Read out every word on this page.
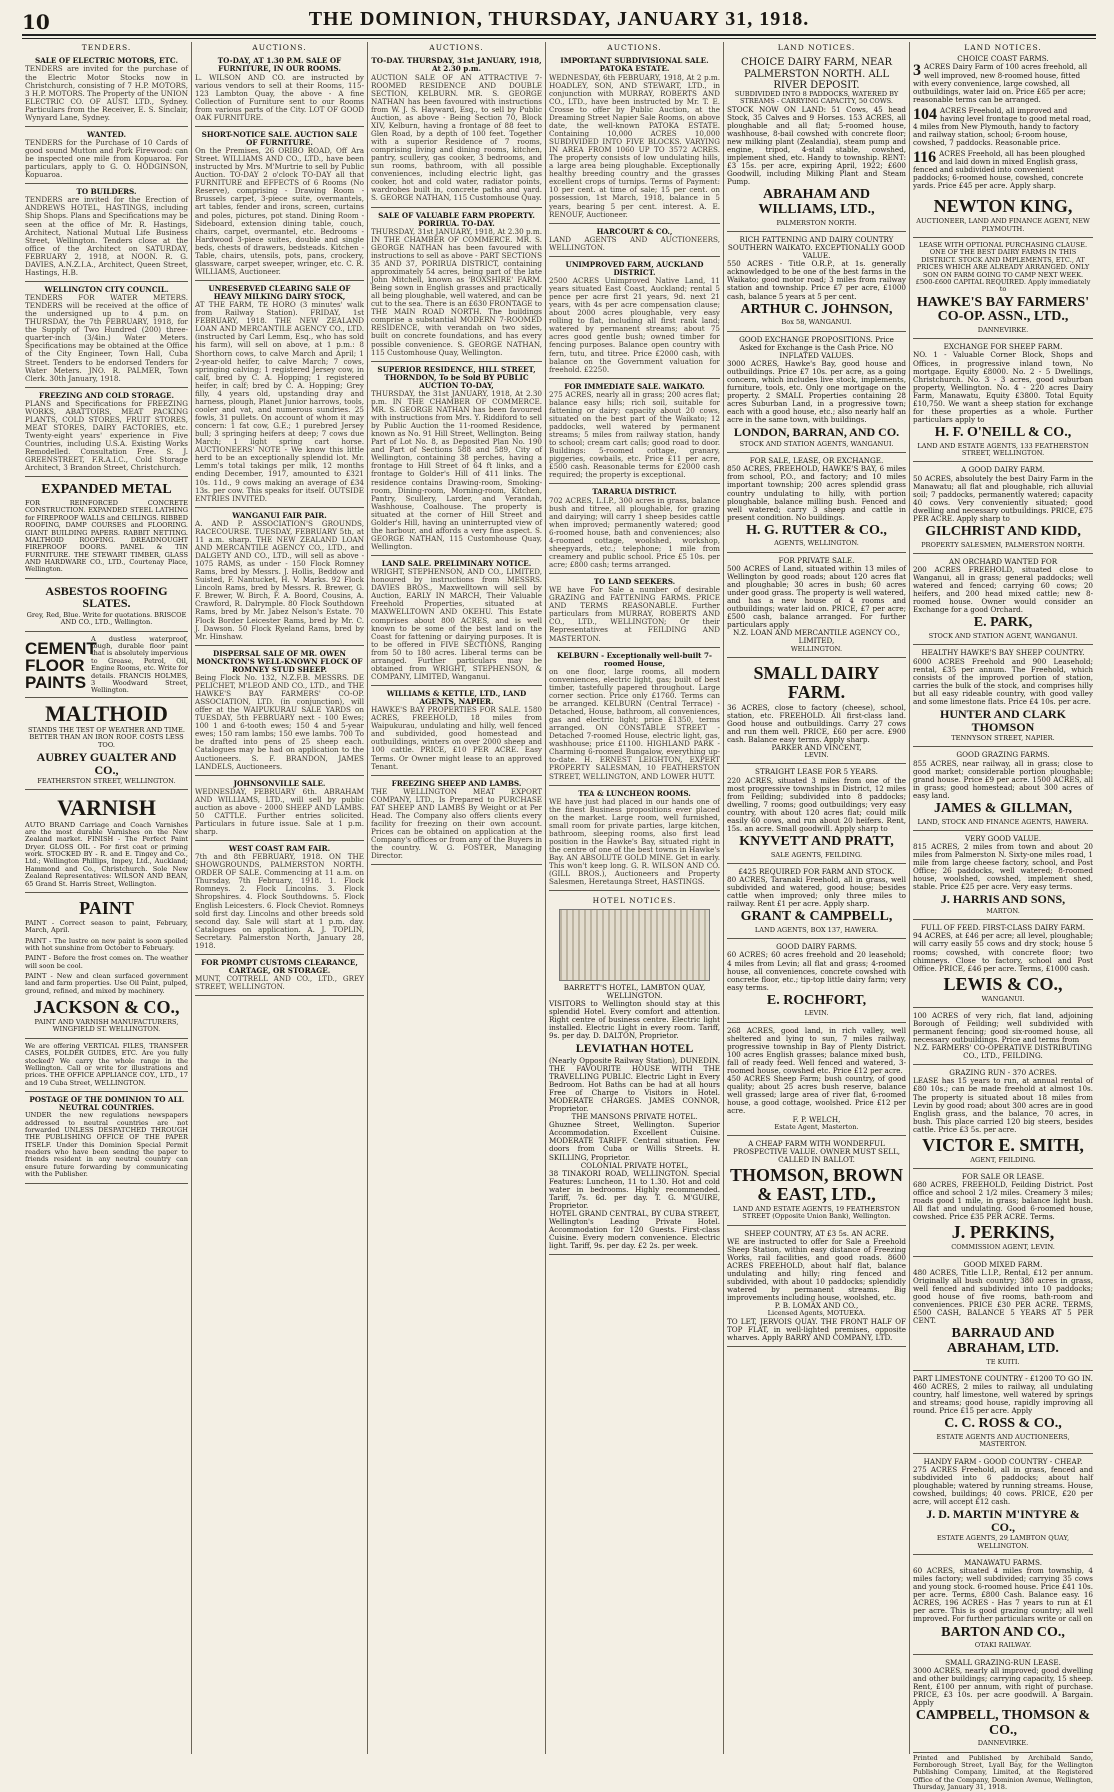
10	THE DOMINION, THURSDAY, JANUARY 31, 1918.
TENDERS.
SALE OF ELECTRIC MOTORS, ETC.
TENDERS are invited for the purchase of the Electric Motor Stocks now in Christchurch, consisting of 7 H.P. MOTORS, 3 H.P. MOTORS. The Property of the UNION ELECTRIC CO. OF AUST. LTD., Sydney. Particulars from the Receiver, E. S. Sinclair, Wynyard Lane, Sydney.
WANTED.
TENDERS for the Purchase of 10 Cards of good sound Mutton and Pork Firewood: can be inspected one mile from Kopuaroa. For particulars, apply to G. O. HODGINSON, Kopuaroa.
TO BUILDERS.
TENDERS are invited for the Erection of ANDREWS HOTEL, HASTINGS, including Ship Shops. Plans and Specifications may be seen at the office of Mr. R. Hastings, Architect, National Mutual Life Business Street, Wellington. Tenders close at the office of the Architect on SATURDAY, FEBRUARY 2, 1918, at NOON. R. G. DAVIES, A.N.Z.I.A., Architect, Queen Street, Hastings, H.B.
WELLINGTON CITY COUNCIL.
TENDERS FOR WATER METERS. TENDERS will be received at the office of the undersigned up to 4 p.m. on THURSDAY, the 7th FEBRUARY, 1918, for the Supply of Two Hundred (200) three-quarter-inch (3/4in.) Water Meters. Specifications may be obtained at the Office of the City Engineer, Town Hall, Cuba Street. Tenders to be endorsed Tenders for Water Meters. JNO. R. PALMER, Town Clerk. 30th January, 1918.
FREEZING AND COLD STORAGE.
PLANS and Specifications for FREEZING WORKS, ABATTOIRS, MEAT PACKING PLANTS, COLD STORES, FRUIT STORES, MEAT STORES, DAIRY FACTORIES, etc. Twenty-eight years' experience in Five Countries, including U.S.A. Existing Works Remodelled. Consultation Free. S. J. GREENSTREET, F.R.A.I.C., Cold Storage Architect, 3 Brandon Street, Christchurch.
EXPANDED METAL
FOR REINFORCED CONCRETE CONSTRUCTION. EXPANDED STEEL LATHING for FIREPROOF WALLS and CEILINGS. RIBBED ROOFING, DAMP COURSES and FLOORING. GIANT BUILDING PAPERS. RABBIT NETTING. MALTHOID ROOFING. DREADNOUGHT FIREPROOF DOORS. PANEL & TIN FURNITURE. THE STEWART TIMBER, GLASS AND HARDWARE CO., LTD., Courtenay Place, Wellington.
ASBESTOS ROOFING SLATES.
Grey, Red, Blue. Write for quotations. BRISCOE AND CO., LTD., Wellington.
CEMENT FLOOR PAINTS
A dustless waterproof, tough, durable floor paint that is absolutely impervious to Grease, Petrol, Oil, Engine Rooms, etc. Write for details. FRANCIS HOLMES, 3 Woodward Street, Wellington.
MALTHOID
STANDS THE TEST OF WEATHER AND TIME. BETTER THAN AN IRON ROOF. COSTS LESS TOO.
AUBREY GUALTER AND CO.,
FEATHERSTON STREET, WELLINGTON.
VARNISH
AUTO BRAND Carriage and Coach Varnishes are the most durable Varnishes on the New Zealand market. FINISH - The Perfect Paint Dryer. GLOSS OIL - For first coat or priming work. STOCKED BY - R. and E. Tingey and Co., Ltd.; Wellington Phillips, Impey, Ltd., Auckland; Hammond and Co., Christchurch. Sole New Zealand Representatives: WILSON AND BEAN, 65 Grand St. Harris Street, Wellington.
PAINT
PAINT - Correct season to paint, February, March, April.
PAINT - The lustre on new paint is soon spoiled with hot sunshine from October to February.
PAINT - Before the frost comes on. The weather will soon be cool.
PAINT - New and clean surfaced government land and farm properties. Use Oil Paint, pulped, ground, refined, and mixed by machinery.
JACKSON & CO.,
PAINT AND VARNISH MANUFACTURERS, WINGFIELD ST. WELLINGTON.
We are offering VERTICAL FILES, TRANSFER CASES, FOLDER GUIDES, ETC. Are you fully stocked? We carry the whole range in the Wellington. Call or write for illustrations and prices. THE OFFICE APPLIANCE COY., LTD., 17 and 19 Cuba Street, WELLINGTON.
POSTAGE OF THE DOMINION TO ALL NEUTRAL COUNTRIES.
UNDER the new regulations newspapers addressed to neutral countries are not forwarded UNLESS DESPATCHED THROUGH THE PUBLISHING OFFICE OF THE PAPER ITSELF. Under this Dominion Special Permit readers who have been sending the paper to friends resident in any neutral country can ensure future forwarding by communicating with the Publisher.
AUCTIONS.
TO-DAY, AT 1.30 P.M. SALE OF FURNITURE, IN OUR ROOMS.
L. WILSON AND CO. are instructed by various vendors to sell at their Rooms, 115-123 Lambton Quay, the above - A fine Collection of Furniture sent to our Rooms from various parts of the City. LOT OF GOOD OAK FURNITURE.
SHORT-NOTICE SALE. AUCTION SALE OF FURNITURE.
On the Premises, 26 ORIBO ROAD, Off Ara Street. WILLIAMS AND CO., LTD., have been instructed by Mrs. M'Murtrie to sell by Public Auction. TO-DAY 2 o'clock TO-DAY all that FURNITURE and EFFECTS of 6 Rooms (No Reserve), comprising - Drawing Room - Brussels carpet, 3-piece suite, overmantels, art tables, fender and irons, screen, curtains and poles, pictures, pot stand. Dining Room - Sideboard, extension dining table, couch, chairs, carpet, overmantel, etc. Bedrooms - Hardwood 3-piece suites, double and single beds, chests of drawers, bedsteads. Kitchen - Table, chairs, utensils, pots, pans, crockery, glassware, carpet sweeper, wringer, etc. C. R. WILLIAMS, Auctioneer.
UNRESERVED CLEARING SALE OF HEAVY MILKING DAIRY STOCK,
AT THE FARM, TE HORO (3 minutes' walk from Railway Station). FRIDAY, 1st FEBRUARY, 1918. THE NEW ZEALAND LOAN AND MERCANTILE AGENCY CO., LTD. (instructed by Carl Lemm, Esq., who has sold his farm), will sell on above, at 1 p.m.: 8 Shorthorn cows, to calve March and April; 1 2-year-old heifer, to calve March; 7 cows, springing calving; 1 registered Jersey cow, in calf, bred by C. A. Hopping; 1 registered heifer, in calf; bred by C. A. Hopping; Grey filly, 4 years old, upstanding dray and harness, plough, Planet Junior harrows, tools, cooler and vat, and numerous sundries. 25 fowls, 31 pullets. On account of whom it may concern: 1 fat cow, G.E.; 1 purebred Jersey bull; 3 springing heifers at deep; 7 cows due March; 1 light spring cart horse. AUCTIONEERS' NOTE - We know this little herd to be an exceptionally splendid lot. Mr. Lemm's total takings per milk, 12 months ending December, 1917, amounted to £321 10s. 11d., 9 cows making an average of £34 13s. per cow. This speaks for itself. OUTSIDE ENTRIES INVITED.
WANGANUI FAIR PAIR.
A. AND P. ASSOCIATION'S GROUNDS, RACECOURSE. TUESDAY, FEBRUARY 5th, at 11 a.m. sharp. THE NEW ZEALAND LOAN AND MERCANTILE AGENCY CO., LTD., and DALGETY AND CO., LTD., will sell as above - 1075 RAMS, as under - 150 Flock Romney Rams, bred by Messrs. J. Hollis, Beddow and Suisted, F. Nantucket, H. V. Marks. 92 Flock Lincoln Rams, bred by Messrs. R. Brewer, G. F. Brewer, W. Birch, F. A. Boord, Cousins, A. Crawford, R. Dalrymple. 80 Flock Southdown Rams, bred by Mr. Jabez Nelson's Estate. 70 Flock Border Leicester Rams, bred by Mr. C. J. Dawson. 50 Flock Ryeland Rams, bred by Mr. Hinshaw.
DISPERSAL SALE OF MR. OWEN MONCKTON'S WELL-KNOWN FLOCK OF ROMNEY STUD SHEEP.
Being Flock No. 132, N.Z.F.B. MESSRS. DE PELICHET, M'LEOD AND CO., LTD., and THE HAWKE'S BAY FARMERS' CO-OP. ASSOCIATION, LTD. (in conjunction), will offer at the WAIPUKURAU SALE YARDS on TUESDAY, 5th FEBRUARY next - 100 Ewes; 100 1 and 6-tooth ewes; 150 4 and 5-year ewes; 150 ram lambs; 150 ewe lambs. 700 To be drafted into pens of 25 sheep each. Catalogues may be had on application to the Auctioneers. S. F. BRANDON, JAMES LANDELS, Auctioneers.
JOHNSONVILLE SALE.
WEDNESDAY, FEBRUARY 6th. ABRAHAM AND WILLIAMS, LTD., will sell by public auction as above - 2000 SHEEP AND LAMBS. 50 CATTLE. Further entries solicited. Particulars in future issue. Sale at 1 p.m. sharp.
WEST COAST RAM FAIR.
7th and 8th FEBRUARY, 1918. ON THE SHOWGROUNDS, PALMERSTON NORTH. ORDER OF SALE. Commencing at 11 a.m. on Thursday, 7th February, 1918. 1. Flock Romneys. 2. Flock Lincolns. 3. Flock Shropshires. 4. Flock Southdowns. 5. Flock English Leicesters. 6. Flock Cheviot. Romneys sold first day. Lincolns and other breeds sold second day. Sale will start at 1 p.m. day. Catalogues on application. A. J. TOPLIN, Secretary. Palmerston North, January 28, 1918.
FOR PROMPT CUSTOMS CLEARANCE, CARTAGE, OR STORAGE.
MUNT, COTTRELL AND CO., LTD., GREY STREET, WELLINGTON.
AUCTIONS.
TO-DAY. THURSDAY, 31st JANUARY, 1918, At 2.30 p.m.
AUCTION SALE OF AN ATTRACTIVE 7-ROOMED RESIDENCE AND DOUBLE SECTION, KELBURN. MR. S. GEORGE NATHAN has been favoured with instructions from W. J. S. Hayward, Esq., to sell by Public Auction, as above - Being Section 70, Block XIV, Kelburn, having a frontage of 88 feet to Glen Road, by a depth of 100 feet. Together with a superior Residence of 7 rooms, comprising living and dining rooms, kitchen, pantry, scullery, gas cooker, 3 bedrooms, and sun rooms, bathroom, with all possible conveniences, including electric light, gas cooker, hot and cold water, radiator points, wardrobes built in, concrete paths and yard. S. GEORGE NATHAN, 115 Customhouse Quay.
SALE OF VALUABLE FARM PROPERTY. PORIRUA. TO-DAY.
THURSDAY, 31st JANUARY, 1918, At 2.30 p.m. IN THE CHAMBER OF COMMERCE. MR. S. GEORGE NATHAN has been favoured with instructions to sell as above - PART SECTIONS 35 AND 37, PORIRUA DISTRICT, containing approximately 54 acres, being part of the late John Mitchell, known as 'BOXSHIRE' FARM. Being sown in English grasses and practically all being ploughable, well watered, and can be cut to the sea. There is an £630 FRONTAGE to THE MAIN ROAD NORTH. The buildings comprise a substantial MODERN 7-ROOMED RESIDENCE, with verandah on two sides, built on concrete foundations, and has every possible convenience. S. GEORGE NATHAN, 115 Customhouse Quay, Wellington.
SUPERIOR RESIDENCE, HILL STREET, THORNDON, To be Sold BY PUBLIC AUCTION TO-DAY,
THURSDAY, the 31st JANUARY, 1918, At 2.30 p.m. IN THE CHAMBER OF COMMERCE. MR. S. GEORGE NATHAN has been favoured with instructions from Mrs. Y. Riddiford to sell by Public Auction the 11-roomed Residence, known as No. 91 Hill Street, Wellington. Being Part of Lot No. 8, as Deposited Plan No. 190 and Part of Sections 588 and 589, City of Wellington, containing 38 perches, having a frontage to Hill Street of 64 ft links, and a frontage to Golder's Hill of 411 links. The residence contains Drawing-room, Smoking-room, Dining-room, Morning-room, Kitchen, Pantry, Scullery, Larder, and Verandah, Washhouse, Coalhouse. The property is situated at the corner of Hill Street and Golder's Hill, having an uninterrupted view of the harbour, and affords a very fine aspect. S. GEORGE NATHAN, 115 Customhouse Quay, Wellington.
LAND SALE. PRELIMINARY NOTICE.
WRIGHT, STEPHENSON, AND CO., LIMITED, honoured by instructions from MESSRS. DAVIES BROS., Maxwelltown will sell by Auction, EARLY IN MARCH, Their Valuable Freehold Properties, situated at MAXWELLTOWN AND OKEHU. This Estate comprises about 800 ACRES, and is well known to be some of the best land on the Coast for fattening or dairying purposes. It is to be offered in FIVE SECTIONS, Ranging from 50 to 180 acres. Liberal terms can be arranged. Further particulars may be obtained from WRIGHT, STEPHENSON, & COMPANY, LIMITED, Wanganui.
WILLIAMS & KETTLE, LTD., LAND AGENTS, NAPIER.
HAWKE'S BAY PROPERTIES FOR SALE. 1580 ACRES, FREEHOLD, 18 miles from Waipukurau, undulating and hilly, well fenced and subdivided, good homestead and outbuildings, winters on over 2000 sheep and 100 cattle. PRICE, £10 PER ACRE. Easy Terms. Or Owner might lease to an approved Tenant.
FREEZING SHEEP AND LAMBS.
THE WELLINGTON MEAT EXPORT COMPANY, LTD., Is Prepared to PURCHASE FAT SHEEP AND LAMBS By Weight or at Per Head. The Company also offers clients every facility for freezing on their own account. Prices can be obtained on application at the Company's offices or from any of the Buyers in the country. W. G. FOSTER, Managing Director.
AUCTIONS.
IMPORTANT SUBDIVISIONAL SALE. PATOKA ESTATE.
WEDNESDAY, 6th FEBRUARY, 1918, At 2 p.m. HOADLEY, SON, AND STEWART, LTD., in conjunction with MURRAY, ROBERTS AND CO., LTD., have been instructed by Mr. T. E. Crosse to offer by Public Auction, at the Dreaming Street Napier Sale Rooms, on above date, the well-known PATOKA ESTATE. Containing 10,000 ACRES 10,000 SUBDIVIDED INTO FIVE BLOCKS. VARYING IN AREA FROM 1060 UP TO 3572 ACRES. The property consists of low undulating hills, a large area being ploughable. Exceptionally healthy breeding country and the grasses excellent crops of turnips. Terms of Payment: 10 per cent. at time of sale; 15 per cent. on possession, 1st March, 1918, balance in 5 years, bearing 5 per cent. interest. A. E. RENOUF, Auctioneer.
HARCOURT & CO.,
LAND AGENTS AND AUCTIONEERS, WELLINGTON.
UNIMPROVED FARM, AUCKLAND DISTRICT.
2500 ACRES Unimproved Native Land, 11 years situated East Coast, Auckland; rental 5 pence per acre first 21 years, 9d. next 21 years, with 4s per acre compensation clause; about 2000 acres ploughable, very easy rolling to flat, including all first rank land; watered by permanent streams; about 75 acres good gentle bush; owned timber for fencing purposes. Balance open country with fern, tutu, and titree. Price £2000 cash, with balance on the Government valuation for freehold. £2250.
FOR IMMEDIATE SALE. WAIKATO.
275 ACRES, nearly all in grass; 200 acres flat; balance easy hills; rich soil, suitable for fattening or dairy; capacity about 20 cows, situated on the best part of the Waikato; 12 paddocks, well watered by permanent streams; 5 miles from railway station, handy to school; cream cart calls; good road to door. Buildings: 5-roomed cottage, granary, piggeries, cowbails, etc. Price £11 per acre, £500 cash. Reasonable terms for £2000 cash required; the property is exceptional.
TARARUA DISTRICT.
702 ACRES, L.I.P., 300 acres in grass, balance bush and titree, all ploughable, for grazing and dairying; will carry 1 sheep besides cattle when improved; permanently watered; good 6-roomed house, bath and conveniences; also 4-roomed cottage, woolshed, workshop, sheepyards, etc.; telephone; 1 mile from creamery and public school. Price £5 10s. per acre; £800 cash; terms arranged.
TO LAND SEEKERS.
WE have For Sale a number of desirable GRAZING and FATTENING FARMS. PRICE AND TERMS REASONABLE. Further particulars from MURRAY, ROBERTS AND CO., LTD., WELLINGTON; Or their Representatives at FEILDING AND MASTERTON.
KELBURN - Exceptionally well-built 7-roomed House,
on one floor, large rooms, all modern conveniences, electric light, gas; built of best timber, tastefully papered throughout. Large corner section. Price only £1760. Terms can be arranged. KELBURN (Central Terrace) - Detached, House, bathroom, all conveniences, gas and electric light; price £1350, terms arranged. ON CONSTABLE STREET - Detached 7-roomed House, electric light, gas, washhouse; price £1100. HIGHLAND PARK - Charming 6-roomed Bungalow, everything up-to-date. H. ERNEST LEIGHTON, EXPERT PROPERTY SALESMAN, 10 FEATHERSTON STREET, WELLINGTON, AND LOWER HUTT.
TEA & LUNCHEON ROOMS.
WE have just had placed in our hands one of the finest Business propositions ever placed on the market. Large room, well furnished, small room for private parties, large kitchen, bathroom, sleeping rooms, also first lead position in the Hawke's Bay, situated right in the centre of one of the best towns in Hawke's Bay. AN ABSOLUTE GOLD MINE. Get in early. This won't keep long. G. R. WILSON AND CO. (GILL BROS.), Auctioneers and Property Salesmen, Heretaunga Street, HASTINGS.
HOTEL NOTICES.
BARRETT'S HOTEL, LAMBTON QUAY, WELLINGTON.
VISITORS to Wellington should stay at this splendid Hotel. Every comfort and attention. Right centre of business centre. Electric light installed. Electric Light in every room. Tariff, 9s. per day. D. DALTON, Proprietor.
LEVIATHAN HOTEL
(Nearly Opposite Railway Station), DUNEDIN. THE FAVOURITE HOUSE WITH THE TRAVELLING PUBLIC. Electric Light in Every Bedroom. Hot Baths can be had at all hours Free of Charge to Visitors in Hotel. MODERATE CHARGES. JAMES CONNOR, Proprietor.
THE MANSONS PRIVATE HOTEL.
Ghuznee Street, Wellington. Superior Accommodation. Excellent Cuisine. MODERATE TARIFF. Central situation. Few doors from Cuba or Willis Streets. H. SKILLING, Proprietor.
COLONIAL PRIVATE HOTEL,
38 TINAKORI ROAD, WELLINGTON. Special Features: Luncheon, 11 to 1.30. Hot and cold water in bedrooms. Highly recommended. Tariff, 7s. 6d. per day. T. G. M'GUIRE, Proprietor.
HOTEL GRAND CENTRAL, BY CUBA STREET,
Wellington's Leading Private Hotel. Accommodation for 120 Guests. First-class Cuisine. Every modern convenience. Electric light. Tariff, 9s. per day. £2 2s. per week.
LAND NOTICES.
CHOICE DAIRY FARM, NEAR PALMERSTON NORTH. ALL RIVER DEPOSIT.
SUBDIVIDED INTO 8 PADDOCKS, WATERED BY STREAMS - CARRYING CAPACITY, 50 COWS.
STOCK NOW ON LAND: 51 Cows, 45 head Stock, 35 Calves and 9 Horses. 153 ACRES, all ploughable and all flat; 5-roomed house, washhouse, 8-bail cowshed with concrete floor; new milking plant (Zealandia), steam pump and engine, tripod, 4-stall stable, cowshed, implement shed, etc. Handy to township. RENT: £3 15s. per acre, expiring April, 1922; £600 Goodwill, including Milking Plant and Steam Pump.
ABRAHAM AND WILLIAMS, LTD.,
PALMERSTON NORTH.
RICH FATTENING AND DAIRY COUNTRY SOUTHERN WAIKATO. EXCEPTIONALLY GOOD VALUE.
550 ACRES - Title O.R.P., at 1s. generally acknowledged to be one of the best farms in the Waikato; good motor road; 3 miles from railway station and township. Price £7 per acre, £1000 cash, balance 5 years at 5 per cent.
ARTHUR C. JOHNSON,
Box 58, WANGANUI.
GOOD EXCHANGE PROPOSITIONS. Price Asked for Exchange is the Cash Price. NO INFLATED VALUES.
3000 ACRES, Hawke's Bay, good house and outbuildings. Price £7 10s. per acre, as a going concern, which includes live stock, implements, furniture, tools, etc. Only one mortgage on the property. 2 SMALL Properties containing 28 acres Suburban Land, in a progressive town; each with a good house, etc.; also nearly half an acre in the same town, with buildings.
LONDON, BARRAN, AND CO.
STOCK AND STATION AGENTS, WANGANUI.
FOR SALE, LEASE, OR EXCHANGE.
850 ACRES, FREEHOLD, HAWKE'S BAY, 6 miles from school, P.O., and factory; and 10 miles important township; 200 acres splendid grass country undulating to hilly, with portion ploughable, balance milling bush. Fenced and well watered; carry 3 sheep and cattle in present condition. No buildings.
H. G. RUTTER & CO.,
AGENTS, WELLINGTON.
FOR PRIVATE SALE.
500 ACRES of Land, situated within 13 miles of Wellington by good roads; about 120 acres flat and ploughable; 30 acres in bush; 60 acres under good grass. The property is well watered, and has a new house of 4 rooms and outbuildings; water laid on. PRICE, £7 per acre; £500 cash, balance arranged. For further particulars apply
N.Z. LOAN AND MERCANTILE AGENCY CO., LIMITED,
WELLINGTON.
SMALL DAIRY FARM.
36 ACRES, close to factory (cheese), school, station, etc. FREEHOLD. All first-class land. Good house and outbuildings. Carry 27 cows and run them well. PRICE, £60 per acre. £900 cash. Balance easy terms. Apply sharp.
PARKER AND VINCENT,
LEVIN.
STRAIGHT LEASE FOR 5 YEARS.
220 ACRES, situated 3 miles from one of the most progressive townships in District, 12 miles from Feilding; subdivided into 8 paddocks; dwelling, 7 rooms; good outbuildings; very easy country, with about 120 acres flat; could milk easily 60 cows, and run about 20 heifers. Rent, 15s. an acre. Small goodwill. Apply sharp to
KNYVETT AND PRATT,
SALE AGENTS, FEILDING.
£425 REQUIRED FOR FARM AND STOCK.
80 ACRES, Taranaki Freehold, all in grass, well subdivided and watered, good house; besides cattle when improved; only three miles to railway. Rent £1 per acre. Apply sharp.
GRANT & CAMPBELL,
LAND AGENTS, BOX 137, HAWERA.
GOOD DAIRY FARMS.
60 ACRES; 60 acres freehold and 20 leasehold; 4 miles from Levin; all flat and grass; 4-roomed house, all conveniences, concrete cowshed with concrete floor, etc.; tip-top little dairy farm; very easy terms.
E. ROCHFORT,
LEVIN.
268 ACRES, good land, in rich valley, well sheltered and lying to sun, 7 miles railway, progressive township in Bay of Plenty District. 100 acres English grasses; balance mixed bush, fall of ready feed. Well fenced and watered, 3-roomed house, cowshed etc. Price £12 per acre.
450 ACRES Sheep Farm; bush country, of good quality; about 25 acres bush reserve, balance well grassed; large area of river flat, 6-roomed house, a good cottage, woolshed. Price £12 per acre.
F. P. WELCH,
Estate Agent, Masterton.
A CHEAP FARM WITH WONDERFUL PROSPECTIVE VALUE. OWNER MUST SELL, CALLED IN BALLOT.
THOMSON, BROWN & EAST, LTD.,
LAND AND ESTATE AGENTS, 19 FEATHERSTON STREET (Opposite Union Bank), Wellington.
SHEEP COUNTRY, AT £3 5s. AN ACRE.
WE are instructed to offer for Sale a Freehold Sheep Station, within easy distance of Freezing Works, rail facilities, and good roads. 8600 ACRES FREEHOLD, about half flat, balance undulating and hilly; ring fenced and subdivided, with about 10 paddocks; splendidly watered by permanent streams. Big improvements including house, woolshed, etc.
P. B. LOMAX AND CO.,
Licensed Agents, MOTUEKA.
TO LET, JERVOIS QUAY. THE FRONT HALF OF TOP FLAT, in well-lighted premises, opposite wharves. Apply BARRY AND COMPANY, LTD.
LAND NOTICES.
CHOICE COAST FARMS.
3 ACRES Dairy Farm of 100 acres freehold, all well improved, new 8-roomed house, fitted with every convenience, large cowshed, all outbuildings, water laid on. Price £65 per acre; reasonable terms can be arranged.
104 ACRES Freehold, all improved and having level frontage to good metal road, 4 miles from New Plymouth, handy to factory and railway station, school; 6-room house, cowshed, 7 paddocks. Reasonable price.
116 ACRES Freehold, all has been ploughed and laid down in mixed English grass, fenced and subdivided into convenient paddocks; 6-roomed house, cowshed, concrete yards. Price £45 per acre. Apply sharp.
NEWTON KING,
AUCTIONEER, LAND AND FINANCE AGENT, NEW PLYMOUTH.
LEASE WITH OPTIONAL PURCHASING CLAUSE. ONE OF THE BEST DAIRY FARMS IN THIS DISTRICT. STOCK AND IMPLEMENTS, ETC., AT PRICES WHICH ARE ALREADY ARRANGED. ONLY SON ON FARM GOING TO CAMP NEXT WEEK. £500-£600 CAPITAL REQUIRED. Apply immediately to
HAWKE'S BAY FARMERS' CO-OP. ASSN., LTD.,
DANNEVIRKE.
EXCHANGE FOR SHEEP FARM.
NO. 1 - Valuable Corner Block, Shops and Offices, in progressive inland town, No mortgage. Equity £8000. No. 2 - 5 Dwellings, Christchurch. No. 3 - 3 acres, good suburban property, Wellington. No. 4 - 220 acres Dairy Farm, Manawatu, Equity £3800. Total Equity £10,750. We want a sheep station for exchange for these properties as a whole. Further particulars apply to
H. F. O'NEILL & CO.,
LAND AND ESTATE AGENTS, 133 FEATHERSTON STREET, WELLINGTON.
A GOOD DAIRY FARM.
50 ACRES, absolutely the best Dairy Farm in the Manawatu; all flat and ploughable, rich alluvial soil; 7 paddocks, permanently watered; capacity 40 cows. Very conveniently situated; good dwelling and necessary outbuildings. PRICE, £75 PER ACRE. Apply sharp to
GILCHRIST AND KIDD,
PROPERTY SALESMEN, PALMERSTON NORTH.
AN ORCHARD WANTED FOR
200 ACRES FREEHOLD, situated close to Wanganui, all in grass; general paddocks; well watered and fenced; carrying 60 cows; 20 heifers, and 200 head mixed cattle; new 8-roomed house. Owner would consider an Exchange for a good Orchard.
E. PARK,
STOCK AND STATION AGENT, WANGANUI.
HEALTHY HAWKE'S BAY SHEEP COUNTRY.
6000 ACRES Freehold and 900 Leasehold; rental, £35 per annum. The Freehold, which consists of the improved portion of station, carries the bulk of the stock, and comprises hilly but all easy rideable country, with good valley and some limestone flats. Price £4 10s. per acre.
HUNTER AND CLARK THOMSON
TENNYSON STREET, NAPIER.
GOOD GRAZING FARMS.
855 ACRES, near railway, all in grass; close to good market; considerable portion ploughable; grand house. Price £9 per acre. 1500 ACRES, all in grass; good homestead; about 300 acres of easy land.
JAMES & GILLMAN,
LAND, STOCK AND FINANCE AGENTS, HAWERA.
VERY GOOD VALUE.
815 ACRES, 2 miles from town and about 20 miles from Palmerston N. Sixty-one miles road, 1 mile from large cheese factory, school, and Post Office; 26 paddocks, well watered; 8-roomed house, woolshed, cowshed, implement shed, stable. Price £25 per acre. Very easy terms.
J. HARRIS AND SONS,
MARTON.
FULL OF FEED. FIRST-CLASS DAIRY FARM.
94 ACRES, at £46 per acre; all level, ploughable; will carry easily 55 cows and dry stock; house 5 rooms; cowshed, with concrete floor; two chimneys. Close to factory, school and Post Office. PRICE, £46 per acre. Terms, £1000 cash.
LEWIS & CO.,
WANGANUI.
100 ACRES of very rich, flat land, adjoining Borough of Feilding; well subdivided with permanent fencing; good six-roomed house, all necessary outbuildings. Price and terms from
N.Z. FARMERS' CO-OPERATIVE DISTRIBUTING CO., LTD., FEILDING.
GRAZING RUN - 370 ACRES.
LEASE has 15 years to run, at annual rental of £80 10s.; can be made freehold at almost 10s. The property is situated about 18 miles from Levin by good road; about 300 acres are in good English grass, and the balance, 70 acres, in bush. This place carried 120 big steers, besides cattle. Price £3 5s. per acre.
VICTOR E. SMITH,
AGENT, FEILDING.
FOR SALE OR LEASE.
680 ACRES, FREEHOLD, Feilding District. Post office and school 2 1/2 miles. Creamery 3 miles; roads good 1 mile, in grass; balance light bush. All flat and undulating. Good 6-roomed house, cowshed. Price £35 PER ACRE. Terms.
J. PERKINS,
COMMISSION AGENT, LEVIN.
GOOD MIXED FARM.
480 ACRES, Title L.I.P., Rental, £12 per annum. Originally all bush country; 380 acres in grass, well fenced and subdivided into 10 paddocks; good house of five rooms, bath-room and conveniences. PRICE £30 PER ACRE. TERMS, £500 CASH, BALANCE 5 YEARS AT 5 PER CENT.
BARRAUD AND ABRAHAM, LTD.
TE KUITI.
PART LIMESTONE COUNTRY - £1200 TO GO IN.
460 ACRES, 2 miles to railway, all undulating country, half limestone, well watered by springs and streams; good house, rapidly improving all round. Price £15 per acre. Apply
C. C. ROSS & CO.,
ESTATE AGENTS AND AUCTIONEERS, MASTERTON.
HANDY FARM - GOOD COUNTRY - CHEAP.
275 ACRES Freehold, all in grass, fenced and subdivided into 6 paddocks; about half ploughable; watered by running streams. House, cowshed, buildings; 40 cows. PRICE, £20 per acre, will accept £12 cash.
J. D. MARTIN M'INTYRE & CO.,
ESTATE AGENTS, 29 LAMBTON QUAY, WELLINGTON.
MANAWATU FARMS.
60 ACRES, situated 4 miles from township, 4 miles factory; well subdivided; carrying 35 cows and young stock. 6-roomed house. Price £41 10s. per acre. Terms, £800 Cash. Balance easy. 16 ACRES, 196 ACRES - Has 7 years to run at £1 per acre. This is good grazing country; all well improved. For further particulars write or call on
BARTON AND CO.,
OTAKI RAILWAY.
SMALL GRAZING-RUN LEASE.
3000 ACRES, nearly all improved; good dwelling and other buildings; carrying capacity, 15 sheep. Rent, £100 per annum, with right of purchase. PRICE, £3 10s. per acre goodwill. A Bargain. Apply
CAMPBELL, THOMSON & CO.,
DANNEVIRKE.
Printed and Published by Archibald Sando, Fernborough Street, Lyall Bay, for the Wellington Publishing Company, Limited, at the Registered Office of the Company, Dominion Avenue, Wellington, Thursday, January 31, 1918.
